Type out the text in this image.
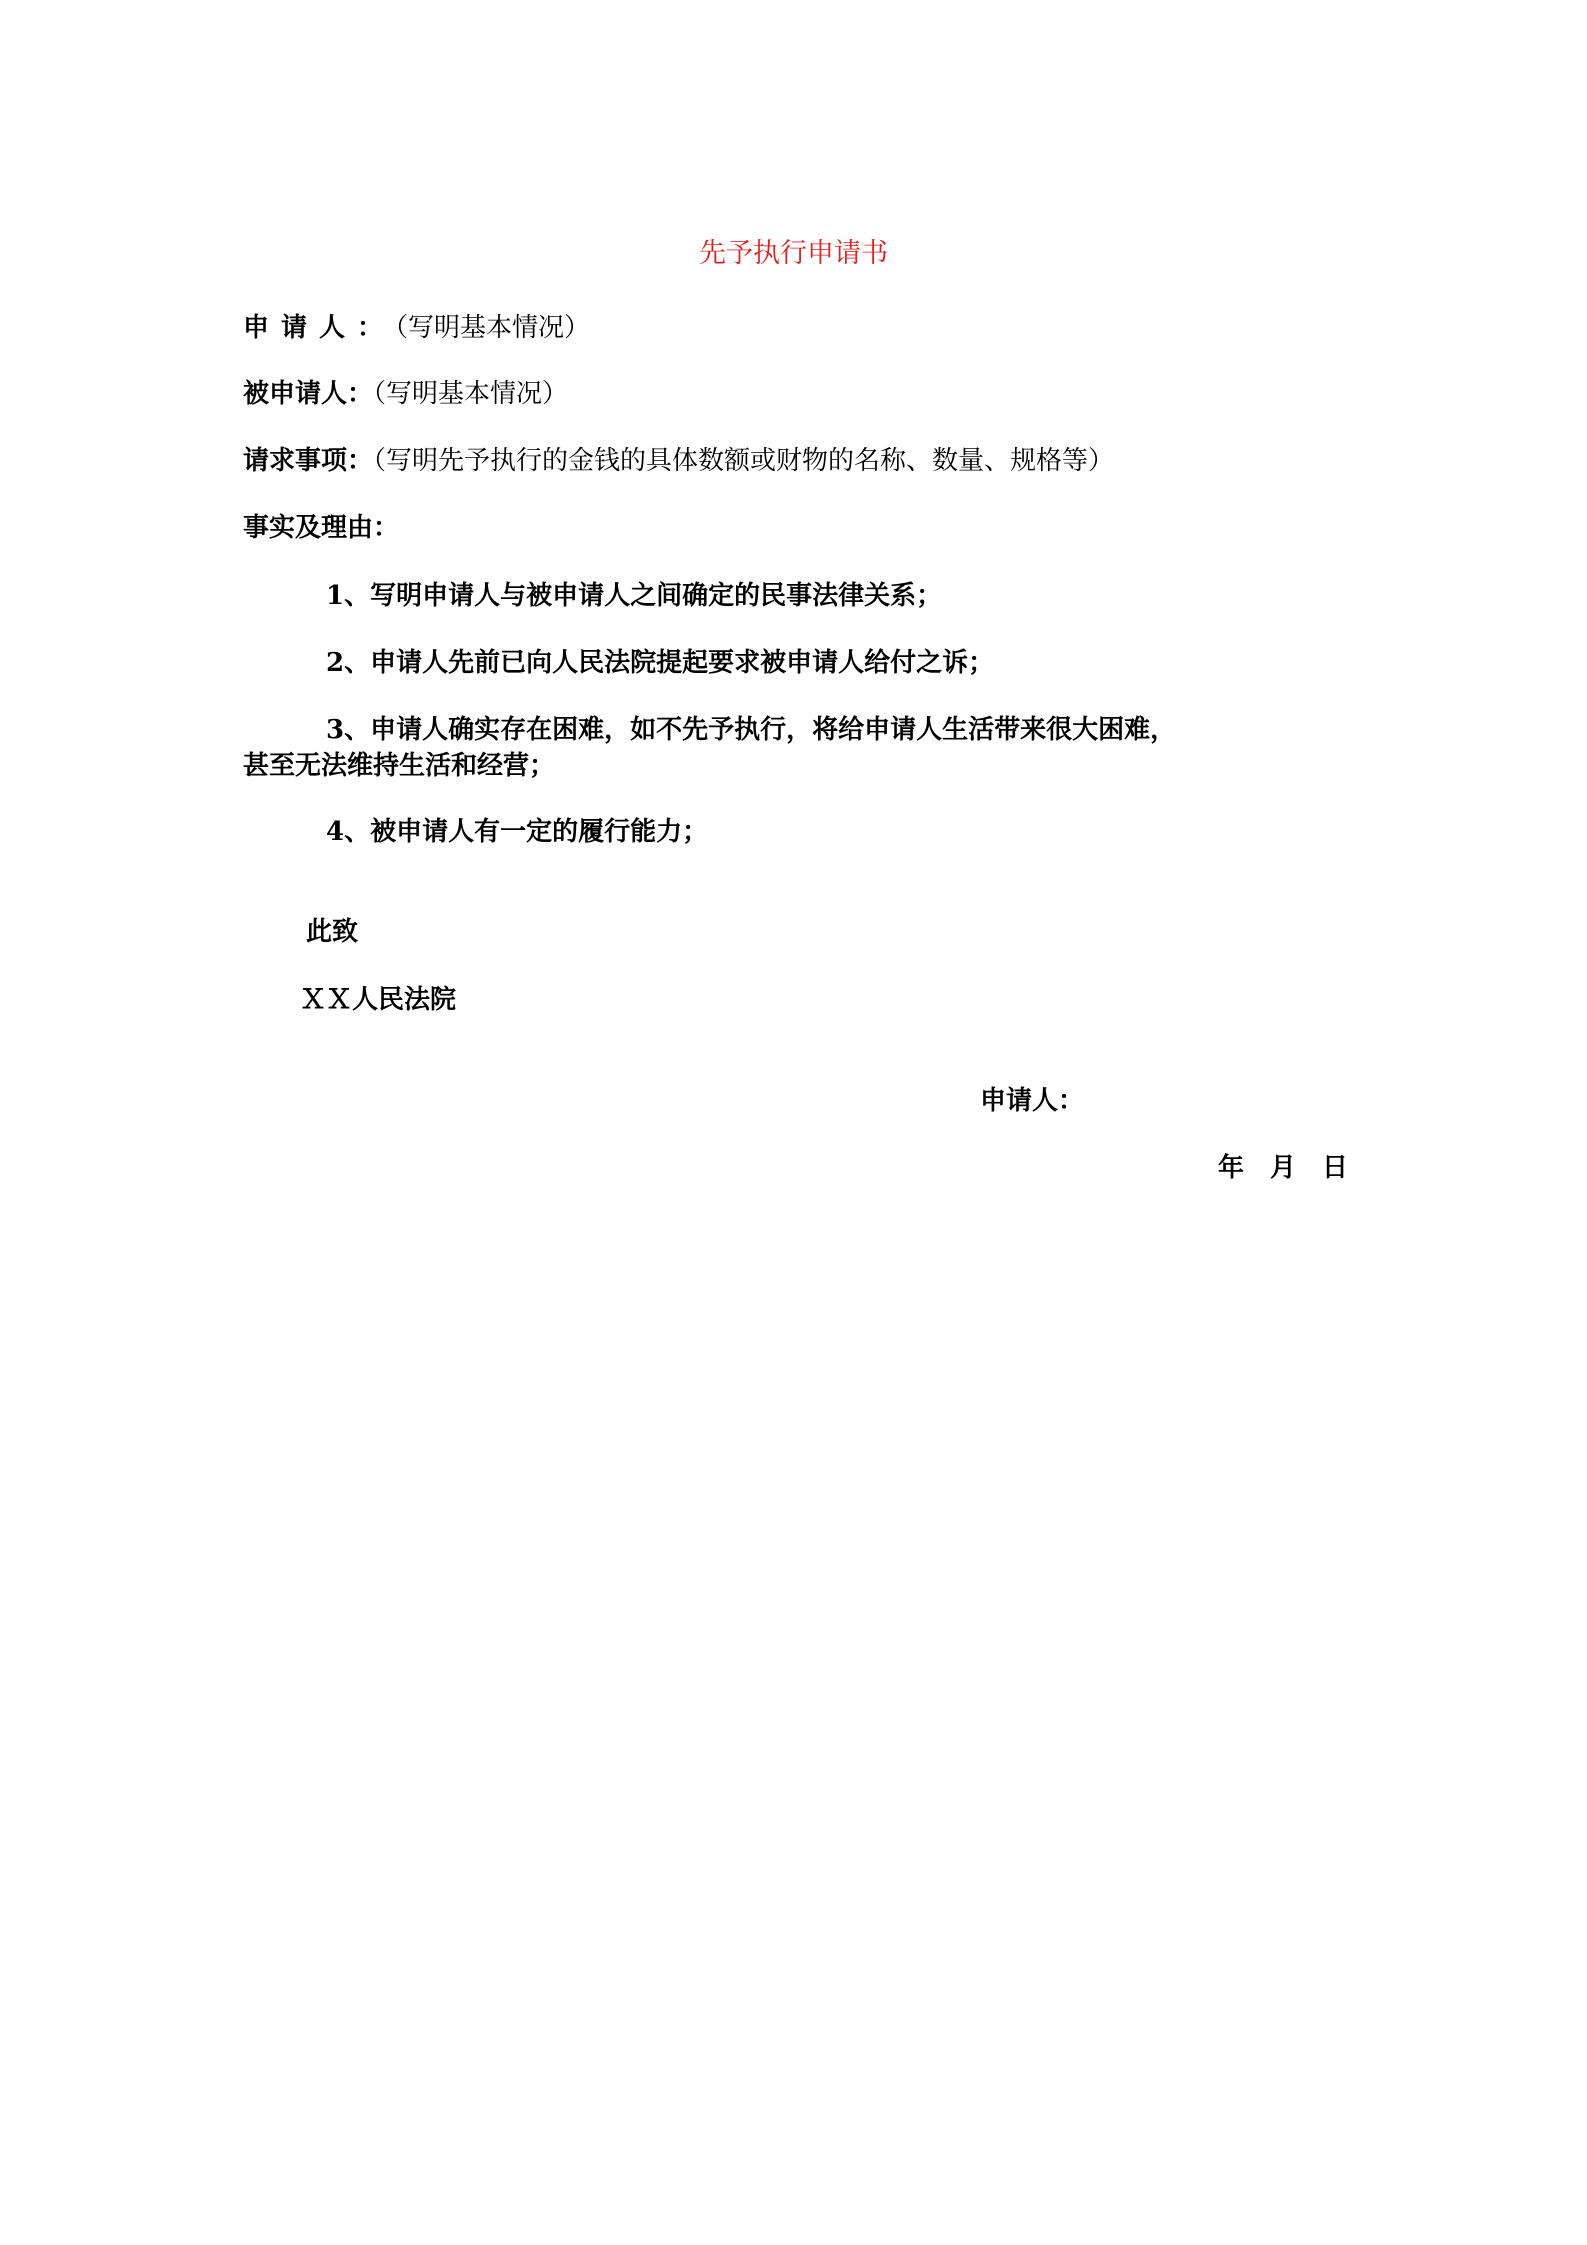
先予执行申请书
申请人：（写明基本情况）
被申请人：（写明基本情况）
请求事项：（写明先予执行的金钱的具体数额或财物的名称、数量、规格等）
事实及理由：
1、写明申请人与被申请人之间确定的民事法律关系；
2、申请人先前已向人民法院提起要求被申请人给付之诉；
3、申请人确实存在困难，如不先予执行，将给申请人生活带来很大困难，
甚至无法维持生活和经营；
4、被申请人有一定的履行能力；
此致
ＸＸ人民法院
申请人：
年　月　日
